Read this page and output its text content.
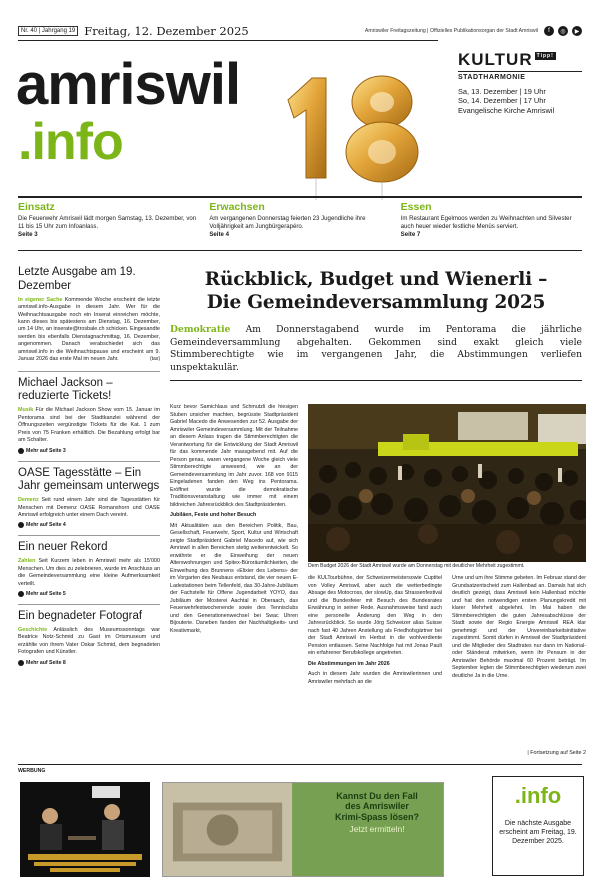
Nr. 40 | Jahrgang 19 Freitag, 12. Dezember 2025	Amriswiler Freitagszeitung | Offizielles Publikationsorgan der Stadt Amriswil	f	◎	▶
amriswil
.info
KULTUR Tipp!
STADTHARMONIE
Sa, 13. Dezember | 19 Uhr
So, 14. Dezember | 17 Uhr
Evangelische Kirche Amriswil
Einsatz

Die Feuerwehr Amriswil lädt morgen Samstag, 13. Dezember, von 11 bis 15 Uhr zum Infoanlass.
Seite 3

Erwachsen

Am vergangenen Donnerstag feierten 23 Jugendliche ihre Volljährigkeit am Jungbürgerapéro.
Seite 4

Essen

Im Restaurant Egelmoos werden zu Weihnachten und Silvester auch heuer wieder festliche Menüs serviert.
Seite 7

Letzte Ausgabe am 19. Dezember

In eigener Sache Kommende Woche erscheint die letzte amriswil.info-Ausgabe in diesem Jahr. Wer für die Weihnachtsausgabe noch ein Inserat einreichen möchte, kann dieses bis spätestens am Dienstag, 16. Dezember, um 14 Uhr, an inserate@trosbale.ch schicken. Eingesandte werden bis ebenfalls Dienstagnachmittag, 16. Dezember, angenommen. Danach verabschiedet sich das amriswil.info in die Weihnachtspause und erscheint am 9. Januar 2026 das erste Mal im neuen Jahr.	(tas)

Michael Jackson – reduzierte Tickets!

Musik Für die Michael Jackson Show vom 15. Januar im Pentorama sind bei der Stadtkanzlei während der Öffnungszeiten vergünstigte Tickets für die Kat. 1 zum Preis von 75 Franken erhältlich. Die Bezahlung erfolgt bar am Schalter.

Mehr auf Seite 3
OASE Tagesstätte – Ein Jahr gemeinsam unterwegs

Demenz Seit rund einem Jahr sind die Tagesstätten für Menschen mit Demenz OASE Romanshorn und OASE Amriswil erfolgreich unter einem Dach vereint.

Mehr auf Seite 4
Ein neuer Rekord

Zahlen Seit Kurzem leben in Amriswil mehr als 15'000 Menschen. Um dies zu zelebrieren, wurde im Anschluss an die Gemeindeversammlung eine kleine Aufmerksamkeit verteilt.

Mehr auf Seite 5
Ein begnadeter Fotograf

Geschichte Anlässlich des Museumssonntags war Beatrice Notz-Schmid zu Gast im Ortsmuseum und erzählte von ihrem Vater Oskar Schmid, dem begnadeten Fotografen und Künstler.

Mehr auf Seite 8
Rückblick, Budget und Wienerli –
Die Gemeindeversammlung 2025

Demokratie Am Donnerstagabend wurde im Pentorama die jährliche Gemeindeversammlung abgehalten. Gekommen sind exakt gleich viele Stimmberechtigte wie im vergangenen Jahr, die Abstimmungen verliefen unspektakulär.

Kurz bevor Samichlaus und Schmutzli die hiesigen Stuben unsicher machten, begrüsste Stadtpräsident Gabriel Macedo die Anwesenden zur 52. Ausgabe der Amriswiler Gemeindeversammlung. Mit der Teilnahme an diesem Anlass tragen die Stimmberechtigten die Verantwortung für die Entwicklung der Stadt Amriswil für das kommende Jahr massgebend mit. Auf die Person genau, waren vergangene Woche gleich viele Stimmberechtigte anwesend, wie an der Gemeindeversammlung im Jahr zuvor. 168 von 9115 Eingeladenen fanden den Weg ins Pentorama. Eröffnet wurde die demokratische Traditionsveranstaltung wie immer mit einem bildreichen Jahresrückblick des Stadtpräsidenten.

Jubiläen, Feste und hoher Besuch

Mit Aktualitäten aus den Bereichen Politik, Bau, Gesellschaft, Feuerwehr, Sport, Kultur und Wirtschaft zeigte Stadtpräsident Gabriel Macedo auf, wie sich Amriswil in allen Bereichen stetig weiterentwickelt. So erwähnte er die Einweihung der neuen Alterswohnungen und Spitex-Büroräumlichkeiten, die Einweihung des Brunnens «Elixier des Lebens» der im Vorgarten des Neubaus entstand, die vier neuen E-Ladestationen beim Tellenfeld, das 30-Jahre-Jubiläum der Fachstelle für Offene Jugendarbeit YOYO, das Jubiläum der Mosterei Aachtal in Oberaach, das Feuerwehrfestwochenende sowie des Tennisclubs und den Generationenwechsel bei Swac Uhren Bijouterie. Daneben fanden der Nachhaltigkeits- und Kreativmarkt,

Dem Budget 2026 der Stadt Amriswil wurde am Donnerstag mit deutlicher Mehrheit zugestimmt.

die KULTourbühne, der Schweizermeistersowie Cuptitel von Volley Amriswil, aber auch die wetterbedingte Absage des Motocross, der slowUp, das Strassenfestival und die Bundesfeier mit Besuch des Bundesrates Erwähnung in seiner Rede. Ausnahmsweise fand auch eine personelle Änderung den Weg in den Jahresrückblick. So wurde Jörg Schweizer alias Suisse nach fast 40 Jahren Anstellung als Friedhofsgärtner bei der Stadt Amriswil im Herbst in die wohlverdiente Pension entlassen. Seine Nachfolge hat mit Jonas Pault ein erfahrener Berufskollege angetreten.

Die Abstimmungen im Jahr 2026

Auch in diesem Jahr wurden die Amriswilerinnen und Amriswiler mehrfach an die

Urne und um ihre Stimme gebeten. Im Februar stand der Grundsatzentscheid zum Hallenbad an. Damals hat sich deutlich gezeigt, dass Amriswil kein Hallenbad möchte und hat den notwendigen ersten Planungskredit mit klarer Mehrheit abgelehnt. Im Mai haben die Stimmberechtigten die guten Jahresabschlüsse der Stadt sowie der Regio Energie Amriswil REA klar genehmigt und der Unvereinbarkeitsinitiative zugestimmt. Somit dürfen in Amriswil der Stadtpräsident und die Mitglieder des Stadtrates nur dann im National- oder Ständerat mitwirken, wenn ihr Pensum in der Amriswiler Behörde maximal 60 Prozent beträgt. Im September legten die Stimmberechtigten wiederum zwei deutliche Ja in die Urne.

| Fortsetzung auf Seite 2
WERBUNG
Kannst Du den Fall
des Amriswiler
Krimi-Spass lösen?
Jetzt ermitteln!
.info

Die nächste Ausgabe erscheint am Freitag, 19. Dezember 2025.
